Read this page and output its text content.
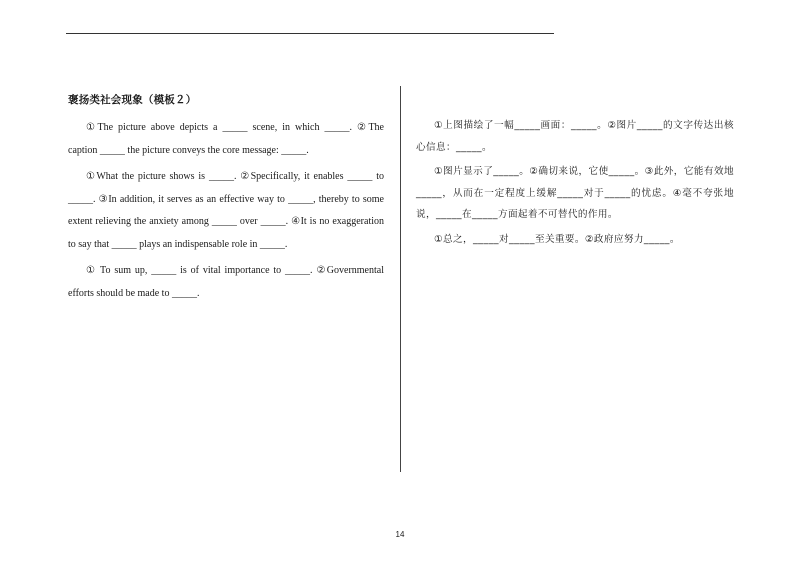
褒扬类社会现象（模板２）

①The picture above depicts a _____ scene, in which _____. ②The caption _____ the picture conveys the core message: _____.

①What the picture shows is _____. ②Specifically, it enables _____ to _____. ③In addition, it serves as an effective way to _____, thereby to some extent relieving the anxiety among _____ over _____. ④It is no exaggeration to say that _____ plays an indispensable role in _____.

① To sum up, _____ is of vital importance to _____. ②Governmental efforts should be made to _____.

①上图描绘了一幅_____画面：_____。②图片_____的文字传达出核心信息：_____。

①图片显示了_____。②确切来说，它使_____。③此外，它能有效地_____，从而在一定程度上缓解_____对于_____的忧虑。④毫不夸张地说，_____在_____方面起着不可替代的作用。

①总之，_____对_____至关重要。②政府应努力_____。

14
